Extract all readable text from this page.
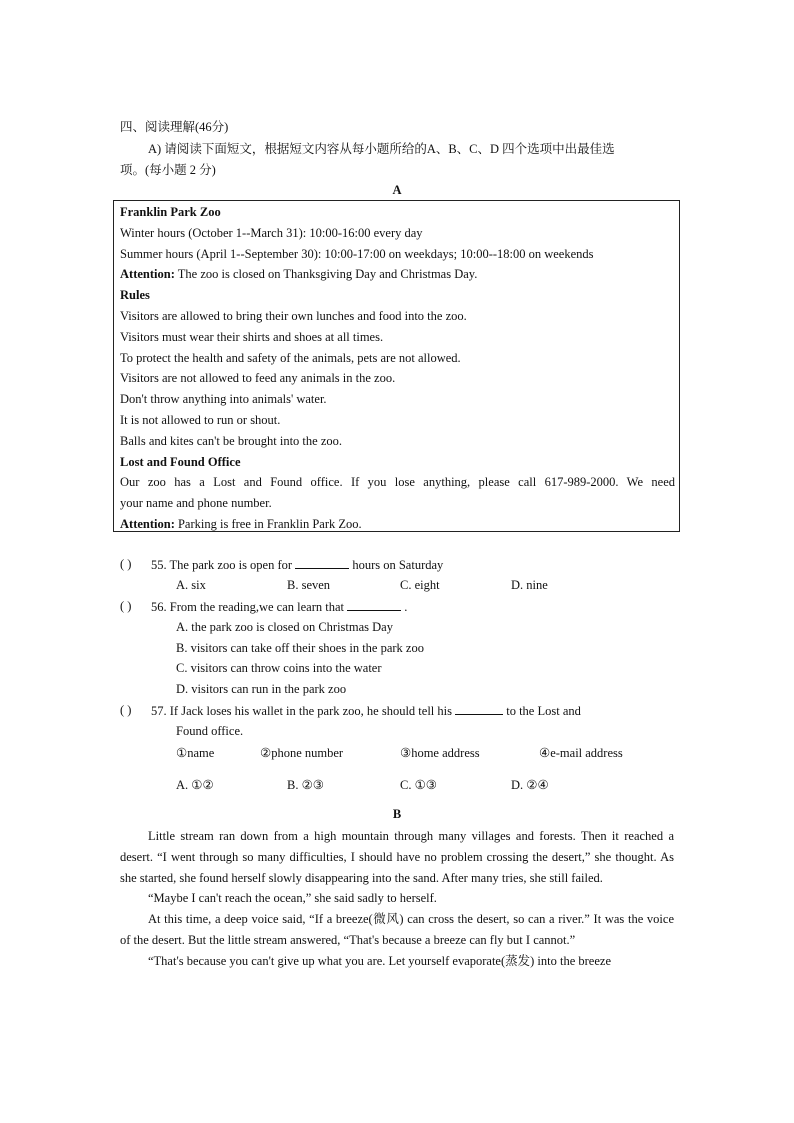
四、阅读理解(46分)
A) 请阅读下面短文，根据短文内容从每小题所给的A、B、C、D 四个选项中出最佳选
项。(每小题 2 分)
A
Franklin Park Zoo
Winter hours (October 1--March 31): 10:00-16:00 every day
Summer hours (April 1--September 30): 10:00-17:00 on weekdays; 10:00--18:00 on weekends
Attention: The zoo is closed on Thanksgiving Day and Christmas Day.
Rules
Visitors are allowed to bring their own lunches and food into the zoo.
Visitors must wear their shirts and shoes at all times.
To protect the health and safety of the animals, pets are not allowed.
Visitors are not allowed to feed any animals in the zoo.
Don't throw anything into animals' water.
It is not allowed to run or shout.
Balls and kites can't be brought into the zoo.
Lost and Found Office
Our zoo has a Lost and Found office. If you lose anything, please call 617-989-2000. We need
your name and phone number.
Attention: Parking is free in Franklin Park Zoo.
( ) 55. The park zoo is open for	hours on Saturday
A. six	B. seven	C. eight	D. nine
( ) 56. From the reading,we can learn that	.
A. the park zoo is closed on Christmas Day
B. visitors can take off their shoes in the park zoo
C. visitors can throw coins into the water
D. visitors can run in the park zoo
( ) 57. If Jack loses his wallet in the park zoo, he should tell his	to the Lost and
Found office.
①name	②phone number	③home address	④e-mail address
A. ①②	B. ②③	C. ①③	D. ②④
B

Little stream ran down from a high mountain through many villages and forests. Then it reached a desert. “I went through so many difficulties, I should have no problem crossing the desert,” she thought. As she started, she found herself slowly disappearing into the sand. After many tries, she still failed.

“Maybe I can't reach the ocean,” she said sadly to herself.

At this time, a deep voice said, “If a breeze(微风) can cross the desert, so can a river.” It was the voice of the desert. But the little stream answered, “That's because a breeze can fly but I cannot.”

“That's because you can't give up what you are. Let yourself evaporate(蒸发) into the breeze
